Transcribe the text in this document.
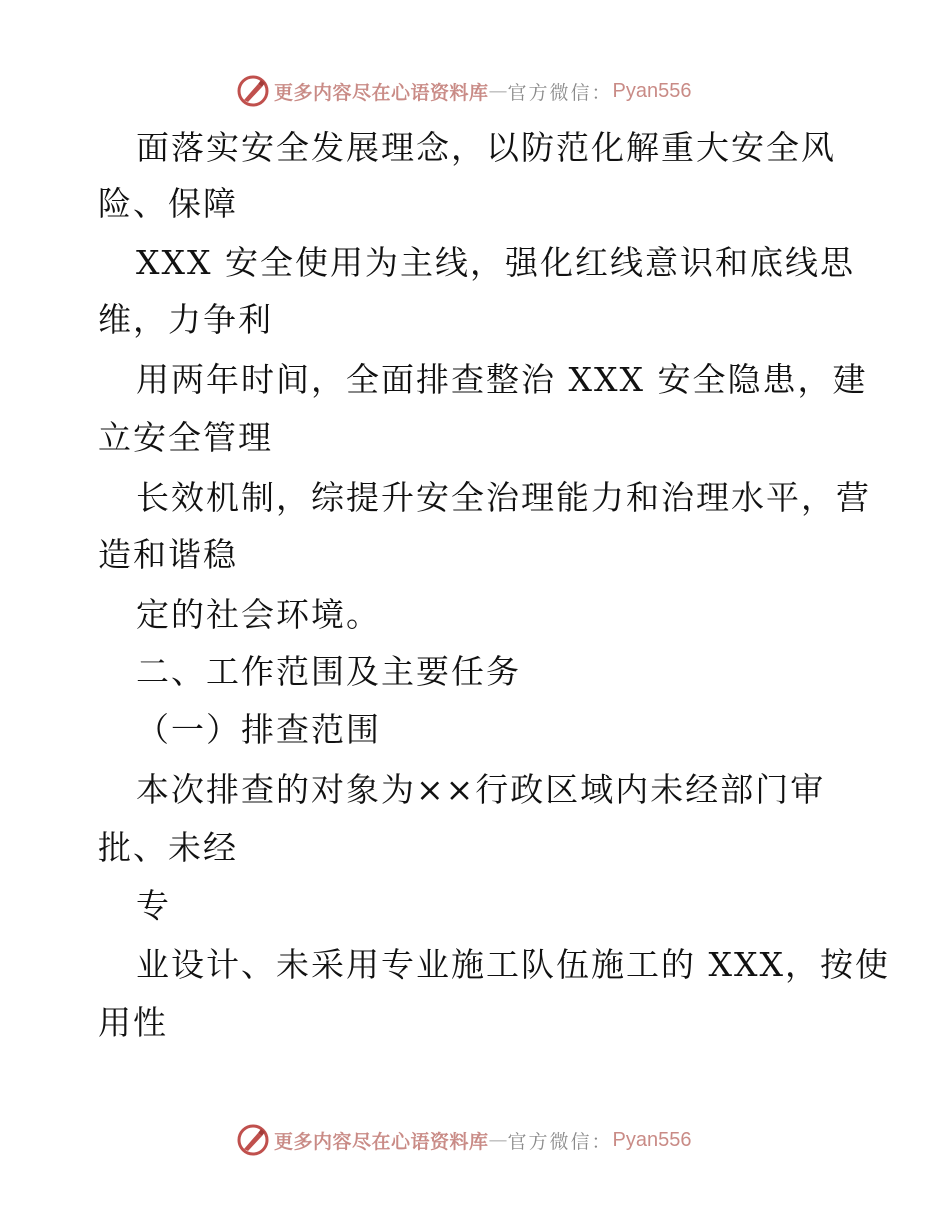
更多内容尽在心语资料库 — 官方微信： Pyan556
面落实安全发展理念，以防范化解重大安全风
险、保障
XXX 安全使用为主线，强化红线意识和底线思
维，力争利
用两年时间，全面排查整治 XXX 安全隐患，建
立安全管理
长效机制，综提升安全治理能力和治理水平，营
造和谐稳
定的社会环境。
二、工作范围及主要任务
（一）排查范围
本次排查的对象为××行政区域内未经部门审
批、未经
专
业设计、未采用专业施工队伍施工的 XXX，按使
用性
更多内容尽在心语资料库 — 官方微信： Pyan556
